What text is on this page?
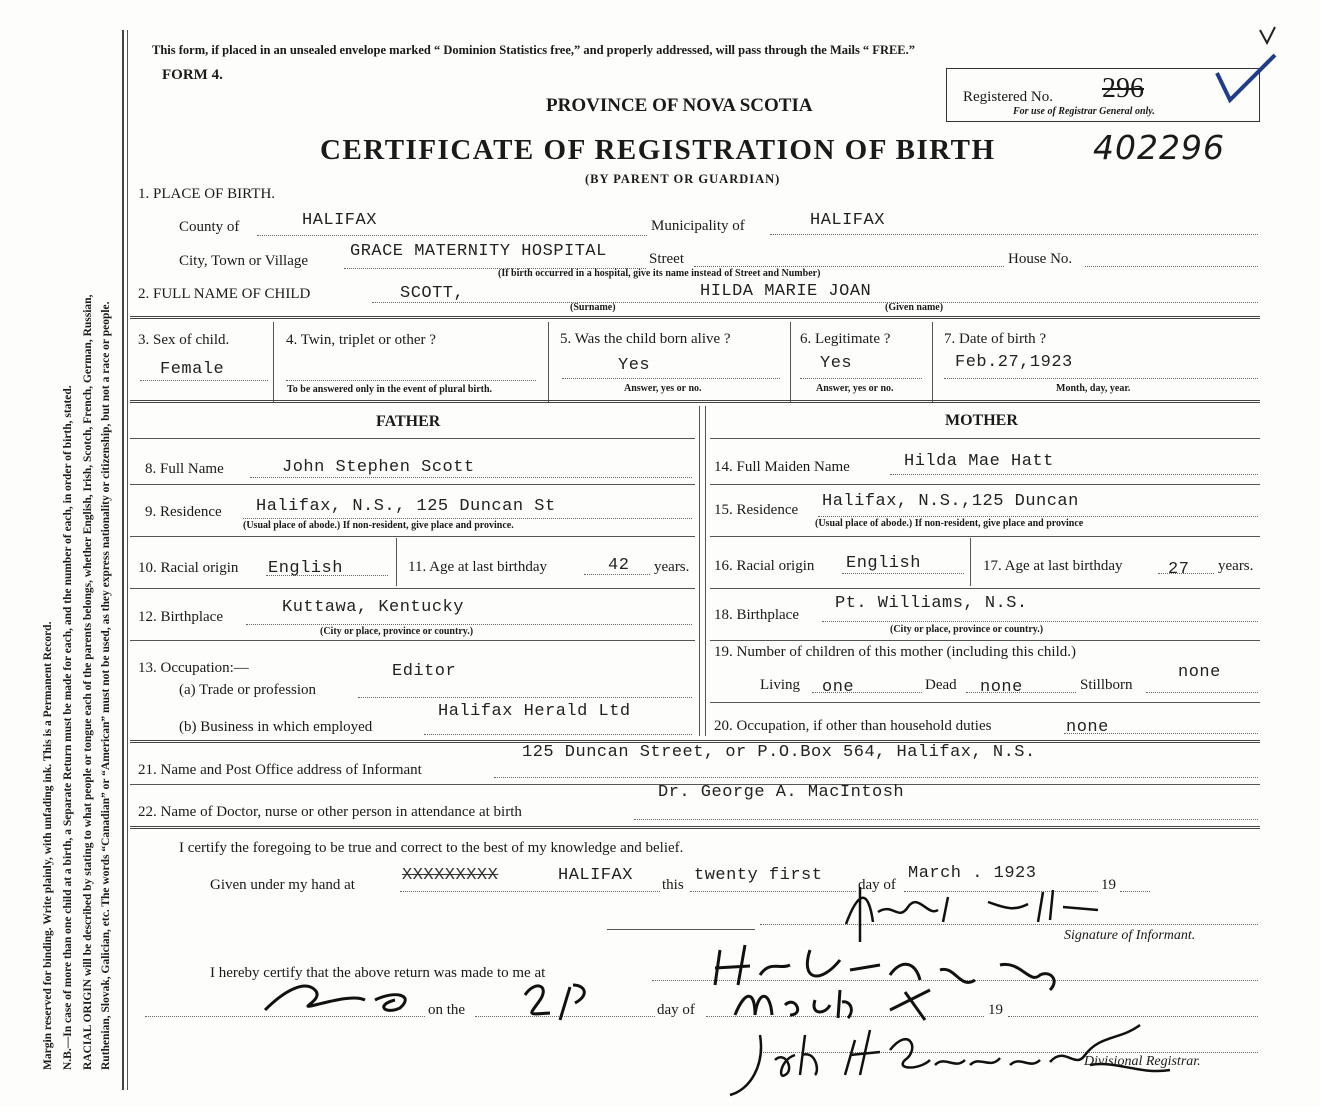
Margin reserved for binding. Write plainly, with unfading ink. This is a Permanent Record. N.B.—In case of more than one child at a birth, a Separate Return must be made for each, and the number of each, in order of birth, stated. RACIAL ORIGIN will be described by stating to what people or tongue each of the parents belongs, whether English, Irish, Scotch, French, German, Russian, Ruthenian, Slovak, Galician, etc. The words “Canadian” or “American” must not be used, as they express nationality or citizenship, but not a race or people.
This form, if placed in an unsealed envelope marked “ Dominion Statistics free,” and properly addressed, will pass through the Mails “ FREE.”
FORM 4.
PROVINCE OF NOVA SCOTIA
CERTIFICATE OF REGISTRATION OF BIRTH	402296
(BY PARENT OR GUARDIAN)
Registered No. 296
For use of Registrar General only.
1. PLACE OF BIRTH.
County of	HALIFAX	Municipality of	HALIFAX
City, Town or Village GRACE MATERNITY HOSPITAL	Street	House No.
(If birth occurred in a hospital, give its name instead of Street and Number)
2. FULL NAME OF CHILD	SCOTT,	HILDA MARIE JOAN
(Surname)	(Given name)
3. Sex of child.
Female
4. Twin, triplet or other ?
To be answered only in the event of plural birth.
5. Was the child born alive ?
Yes
Answer, yes or no.
6. Legitimate ?
Yes
Answer, yes or no.
7. Date of birth ?
Feb.27,1923
Month, day, year.
FATHER	MOTHER
8. Full Name	John Stephen Scott	14. Full Maiden Name	Hilda Mae Hatt
9. Residence Halifax, N.S., 125 Duncan St
(Usual place of abode.) If non-resident, give place and province.
15. Residence Halifax, N.S.,125 Duncan
(Usual place of abode.) If non-resident, give place and province
10. Racial origin English	11. Age at last birthday	42 years. 16. Racial origin English	17. Age at last birthday	27 years.
12. Birthplace	Kuttawa, Kentucky
(City or place, province or country.)
18. Birthplace
Pt. Williams, N.S.
(City or place, province or country.)
13. Occupation:—
(a) Trade or profession
Editor
19. Number of children of this mother (including this child.)
Living one	Dead none	Stillborn
none
(b) Business in which employed
Halifax Herald Ltd
20. Occupation, if other than household duties	none
21. Name and Post Office address of Informant
125 Duncan Street, or P.O.Box 564, Halifax, N.S.
22. Name of Doctor, nurse or other person in attendance at birth
Dr. George A. MacIntosh
I certify the foregoing to be true and correct to the best of my knowledge and belief.
Given under my hand at	HALIFAX
XXXXXXXXX	this twenty first day of
March . 1923
19
Signature of Informant.
I hereby certify that the above return was made to me at
on the	day of	19
Divisional Registrar.
